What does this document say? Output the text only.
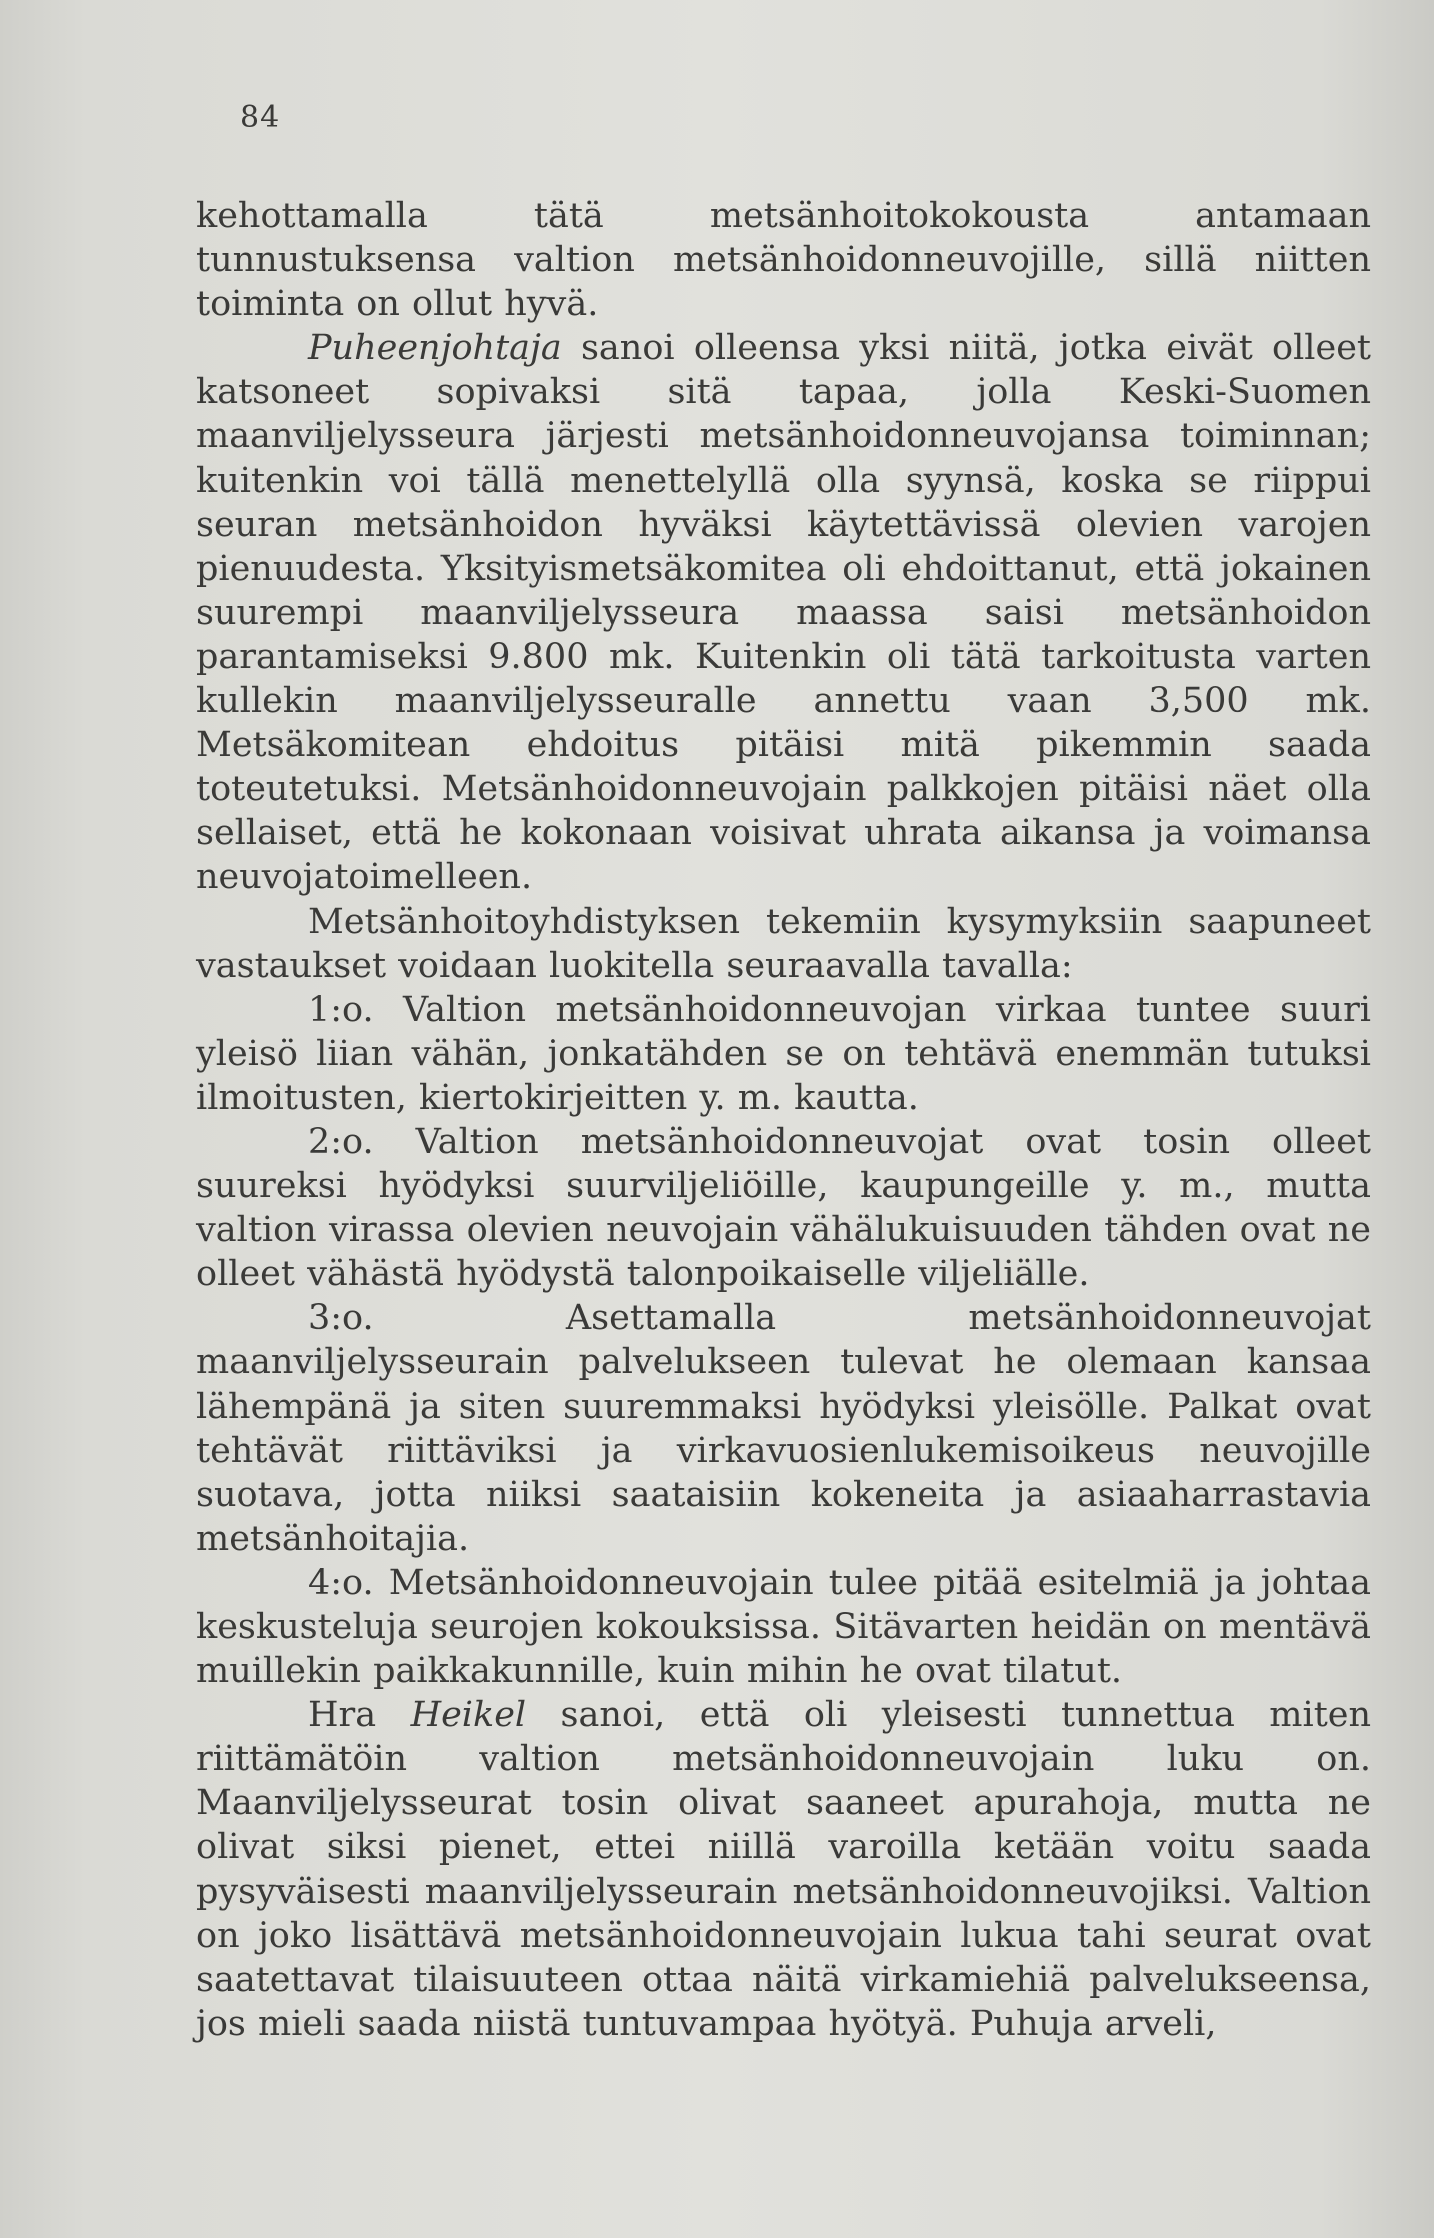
84

kehottamalla tätä metsänhoitokokousta antamaan tunnustuksensa valtion metsänhoidonneuvojille, sillä niitten toiminta on ollut hyvä.

Puheenjohtaja sanoi olleensa yksi niitä, jotka eivät olleet katsoneet sopivaksi sitä tapaa, jolla Keski-Suomen maanviljelysseura järjesti metsänhoidonneuvojansa toiminnan; kuitenkin voi tällä menettelyllä olla syynsä, koska se riippui seuran metsänhoidon hyväksi käytettävissä olevien varojen pienuudesta. Yksityismetsäkomitea oli ehdoittanut, että jokainen suurempi maanviljelysseura maassa saisi metsänhoidon parantamiseksi 9.800 mk. Kuitenkin oli tätä tarkoitusta varten kullekin maanviljelysseuralle annettu vaan 3,500 mk. Metsäkomitean ehdoitus pitäisi mitä pikemmin saada toteutetuksi. Metsänhoidonneuvojain palkkojen pitäisi näet olla sellaiset, että he kokonaan voisivat uhrata aikansa ja voimansa neuvojatoimelleen.

Metsänhoitoyhdistyksen tekemiin kysymyksiin saapuneet vastaukset voidaan luokitella seuraavalla tavalla:

1:o. Valtion metsänhoidonneuvojan virkaa tuntee suuri yleisö liian vähän, jonkatähden se on tehtävä enemmän tutuksi ilmoitusten, kiertokirjeitten y. m. kautta.

2:o. Valtion metsänhoidonneuvojat ovat tosin olleet suureksi hyödyksi suurviljeliöille, kaupungeille y. m., mutta valtion virassa olevien neuvojain vähälukuisuuden tähden ovat ne olleet vähästä hyödystä talonpoikaiselle viljeliälle.

3:o. Asettamalla metsänhoidonneuvojat maanviljelysseurain palvelukseen tulevat he olemaan kansaa lähempänä ja siten suuremmaksi hyödyksi yleisölle. Palkat ovat tehtävät riittäviksi ja virkavuosienlukemisoikeus neuvojille suotava, jotta niiksi saataisiin kokeneita ja asiaaharrastavia metsänhoitajia.

4:o. Metsänhoidonneuvojain tulee pitää esitelmiä ja johtaa keskusteluja seurojen kokouksissa. Sitävarten heidän on mentävä muillekin paikkakunnille, kuin mihin he ovat tilatut.

Hra Heikel sanoi, että oli yleisesti tunnettua miten riittämätöin valtion metsänhoidonneuvojain luku on. Maanviljelysseurat tosin olivat saaneet apurahoja, mutta ne olivat siksi pienet, ettei niillä varoilla ketään voitu saada pysyväisesti maanviljelysseurain metsänhoidonneuvojiksi. Valtion on joko lisättävä metsänhoidonneuvojain lukua tahi seurat ovat saatettavat tilaisuuteen ottaa näitä virkamiehiä palvelukseensa, jos mieli saada niistä tuntuvampaa hyötyä. Puhuja arveli,
